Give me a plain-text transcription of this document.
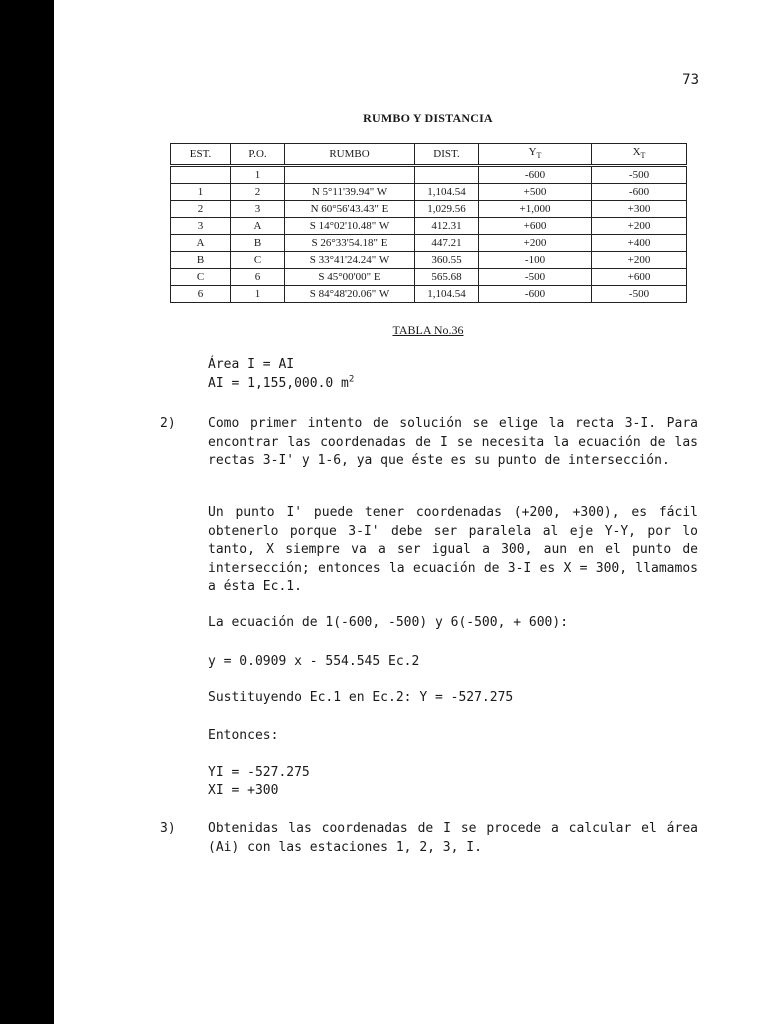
73
RUMBO Y DISTANCIA
EST.	P.O.	RUMBO	DIST.	$Y_T$	$X_T$
	1			-600	-500
1	2	N 5°11'39.94" W	1,104.54	+500	-600
2	3	N 60°56'43.43" E	1,029.56	+1,000	+300
3	A	S 14°02'10.48" W	412.31	+600	+200
A	B	S 26°33'54.18" E	447.21	+200	+400
B	C	S 33°41'24.24" W	360.55	-100	+200
C	6	S 45°00'00" E	565.68	-500	+600
6	1	S 84°48'20.06" W	1,104.54	-600	-500
TABLA No.36
Área I = AI
AI = 1,155,000.0 $m^2$
2) Como primer intento de solución se elige la recta 3-I. Para encontrar las coordenadas de I se necesita la ecuación de las rectas 3-I' y 1-6, ya que éste es su punto de intersección.
Un punto I' puede tener coordenadas (+200, +300), es fácil obtenerlo porque 3-I' debe ser paralela al eje Y-Y, por lo tanto, X siempre va a ser igual a 300, aun en el punto de intersección; entonces la ecuación de 3-I es X = 300, llamamos a ésta Ec.1.
La ecuación de 1(-600, -500) y 6(-500, + 600):
y = 0.0909 x - 554.545 Ec.2
Sustituyendo Ec.1 en Ec.2: Y = -527.275
Entonces:
YI = -527.275
XI = +300
3) Obtenidas las coordenadas de I se procede a calcular el área (Ai) con las estaciones 1, 2, 3, I.
